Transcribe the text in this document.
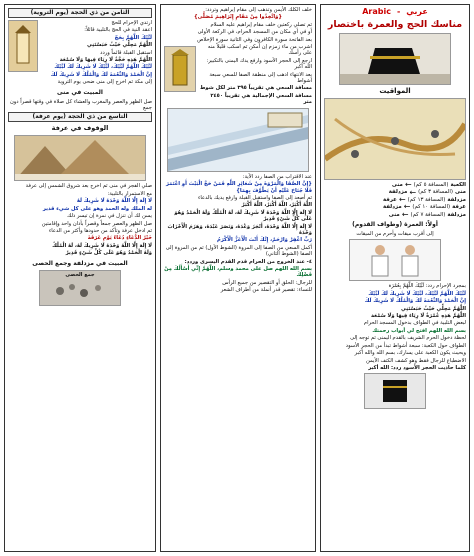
عربي
-
Arabic
مناسك الحج والعمرة باختصار
المواقيت
الكعبة
(المسافة ٥ كم)
←
منى
منى
(المسافة ٣ كم)
←
مزدلفة
مزدلفة
(المسافة ١٣ كم)
←
عرفة
عرفة
(المسافة ١٠ كم)
←
مزدلفة
مزدلفة
(المسافة ٧ كم)
←
منى
أولاً: العمرة (وطواف القدوم)
إلى أقرب ميقات وأحرم من الميقات
بمجرد الإحرام ردد: لَبَّيْكَ اللَّهُمَّ بِعُمْرَة
لَبَّيْكَ اللَّهُمَّ لَبَّيْكَ، لَبَّيْكَ لَا شَرِيكَ لَكَ لَبَّيْكَ
إِنَّ الْحَمْدَ وَالنِّعْمَةَ لَكَ وَالْمُلْكَ لَا شَرِيكَ لَكَ
اللَّهُمَّ مَحِلِّي حَيْثُ حَبَسْتَنِي
اللَّهُمَّ هَذِهِ عُمْرَةٌ لَا رِيَاءَ فِيهَا وَلَا سُمْعَة
لبعض التلبية في الطواف بدخول المسجد الحرام
بسم الله اللهم افتح لي أبواب رحمتك
لحظة دخول الحرم الشريف بالقدم اليمنى ثم توجه إلى
الطواف حول الكعبة: سبعة أشواط تبدأ من الحجر الأسود
ويحيث يكون الكعبة على يسارك، بسم الله والله أكبر
الاضطباع للرجال فقط وهو كشف الكتف الأيمن
كلما حاذيت الحجر الأسود ردد: الله أكبر
خلف الكلك الأيمن وتذهب إلى مقام إبراهيم وتردد:
{وَاتَّخِذُوا مِنْ مَقَامِ إِبْرَاهِيمَ مُصَلًّى}
ثم تصلي ركعتين خلف مقام إبراهيم عليه السلام
أو في أي مكان من المسجد الحرام، في الركعة الأولى
بعد الفاتحة سورة الكافرون وفي الثانية سورة الإخلاص
اشرب من ماء زمزم إن أمكن ثم اسكب قليلاً منه على رأسك
ارجع إلى الحجر الأسود وارفع يدك اليمنى بالتكبير: الله أكبر
بعد الانتهاء اذهب إلى منطقة الصفا للسعي سبعة أشواط
مسافة السعي هي تقريباً ٣٩٥ متر لكل شوط
مسافة السعي الإجمالية هي تقريباً ٢٤٥٠ متر
عند الاقتراب من الصفا ردد الآية:
{إِنَّ الصَّفَا وَالْمَرْوَةَ مِنْ شَعَائِرِ اللَّهِ فَمَنْ حَجَّ الْبَيْتَ أَوِ اعْتَمَرَ فَلَا جُنَاحَ عَلَيْهِ أَنْ يَطَّوَّفَ بِهِمَا}
ثم أصعد إلى الصفا واستقبل القبلة وارفع يديك بالدعاء
اللَّهُ أَكْبَرُ، اللَّهُ أَكْبَرُ، اللَّهُ أَكْبَرُ
لَا إِلَهَ إِلَّا اللَّهُ وَحْدَهُ لَا شَرِيكَ لَهُ، لَهُ الْمُلْكُ وَلَهُ الْحَمْدُ وَهُوَ عَلَى كُلِّ شَيْءٍ قَدِيرٌ
لَا إِلَهَ إِلَّا اللَّهُ وَحْدَهُ، أَنْجَزَ وَعْدَهُ، وَنَصَرَ عَبْدَهُ، وَهَزَمَ الْأَحْزَابَ وَحْدَهُ
رَبِّ اغْفِرْ وَارْحَمْ، إِنَّكَ أَنْتَ الْأَعَزُّ الْأَكْرَمُ
أكمل السعي من الصفا إلى المروة (الشوط الأول) ثم من المروة إلى الصفا (الشوط الثاني)
٤- عند الخروج من الحرام قدم القدم اليسرى وردد:
بسم الله اللهم صل على محمد وسلم، اللَّهُمَّ إِنِّي أَسْأَلُكَ مِنْ فَضْلِكَ
للرجال: الحلق أو التقصير من جميع الرأس
للنساء: تقصير قدر أنملة من أطراف الشعر
الثامن من ذي الحجة (يوم التروية)
ارتدي الإحرام للحج
اعقد النية في الحج بالتلبية قائلاً:
لَبَّيْكَ اللَّهُمَّ بِحَجّ
اللَّهُمَّ مَحِلِّي حَيْثُ حَبَسْتَنِي
استقبل القبلة قائماً وردد
اللَّهُمَّ هَذِهِ حَجَّةٌ لَا رِيَاءَ فِيهَا وَلَا سُمْعَة
لَبَّيْكَ اللَّهُمَّ لَبَّيْكَ، لَبَّيْكَ لَا شَرِيكَ لَكَ لَبَّيْكَ
إِنَّ الْحَمْدَ وَالنِّعْمَةَ لَكَ وَالْمُلْكَ لَا شَرِيكَ لَكَ
إلى مكة ثم اخرج إلى منى ضحى يوم التروية
المبيت في منى
صل الظهر والعصر والمغرب والعشاء كل صلاة في وقتها قصراً دون جمع
التاسع من ذي الحجة (يوم عرفة)
الوقوف في عرفة
صلي الفجر في منى ثم اخرج بعد شروق الشمس إلى عرفة
مع الاستمرار بالتلبية:
لَا إِلَهَ إِلَّا اللَّهُ وَحْدَهُ لَا شَرِيكَ لَهُ
له الملك وله الحمد وهو على كل شيء قدير
يسن لك أن تنزل في نمرة إن تيسر ذلك
صل الظهر والعصر جمعاً وقصراً بأذان واحد وإقامتين
ثم ادخل عرفة وتأكد من حدودها وأكثر من الدعاء
خَيْرُ الدُّعَاءِ دُعَاءُ يَوْمِ عَرَفَةَ
لَا إِلَهَ إِلَّا اللَّهُ وَحْدَهُ لَا شَرِيكَ لَهُ، لَهُ الْمُلْكُ
وَلَهُ الْحَمْدُ وَهُوَ عَلَى كُلِّ شَيْءٍ قَدِيرٌ
المبيت في مزدلفة وجمع الحصى
جمع الحصى
